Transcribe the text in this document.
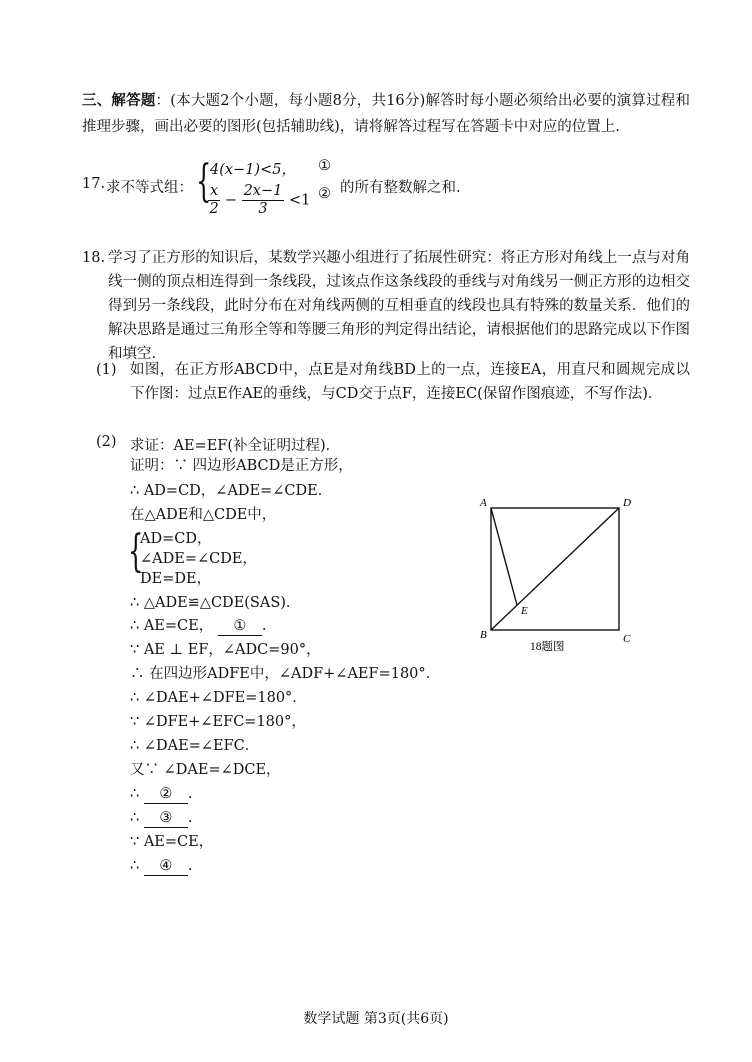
三、解答题：(本大题2个小题，每小题8分，共16分)解答时每小题必须给出必要的演算过程和推理步骤，画出必要的图形(包括辅助线)，请将解答过程写在答题卡中对应的位置上.
17. 求不等式组： {
4(x−1)<5， ①
$\frac{x}{2} - \frac{2x-1}{3} <1$ ② 的所有整数解之和.
18. 学习了正方形的知识后，某数学兴趣小组进行了拓展性研究：将正方形对角线上一点与对角线一侧的顶点相连得到一条线段，过该点作这条线段的垂线与对角线另一侧正方形的边相交得到另一条线段，此时分布在对角线两侧的互相垂直的线段也具有特殊的数量关系．他们的解决思路是通过三角形全等和等腰三角形的判定得出结论，请根据他们的思路完成以下作图和填空．
(1) 如图，在正方形ABCD中，点E是对角线BD上的一点，连接EA，用直尺和圆规完成以下作图：过点E作AE的垂线，与CD交于点F，连接EC(保留作图痕迹，不写作法)．
(2) 求证：AE=EF(补全证明过程)．
证明：∵ 四边形ABCD是正方形，
∴ AD=CD，∠ADE=∠CDE．
在△ADE和△CDE中，
{
AD=CD，
∠ADE=∠CDE，
DE=DE，
∴ △ADE≌△CDE(SAS)．
∴ AE=CE， ① .
∵ AE ⊥ EF，∠ADC=90°，
∴ 在四边形ADFE中，∠ADF+∠AEF=180°．
∴ ∠DAE+∠DFE=180°．
∵ ∠DFE+∠EFC=180°，
∴ ∠DAE=∠EFC．
又∵ ∠DAE=∠DCE，
∴ ② .
∴ ③ .
∵ AE=CE，
∴ ④ .
A	D
B	C
E
18题图
数学试题 第3页(共6页)
